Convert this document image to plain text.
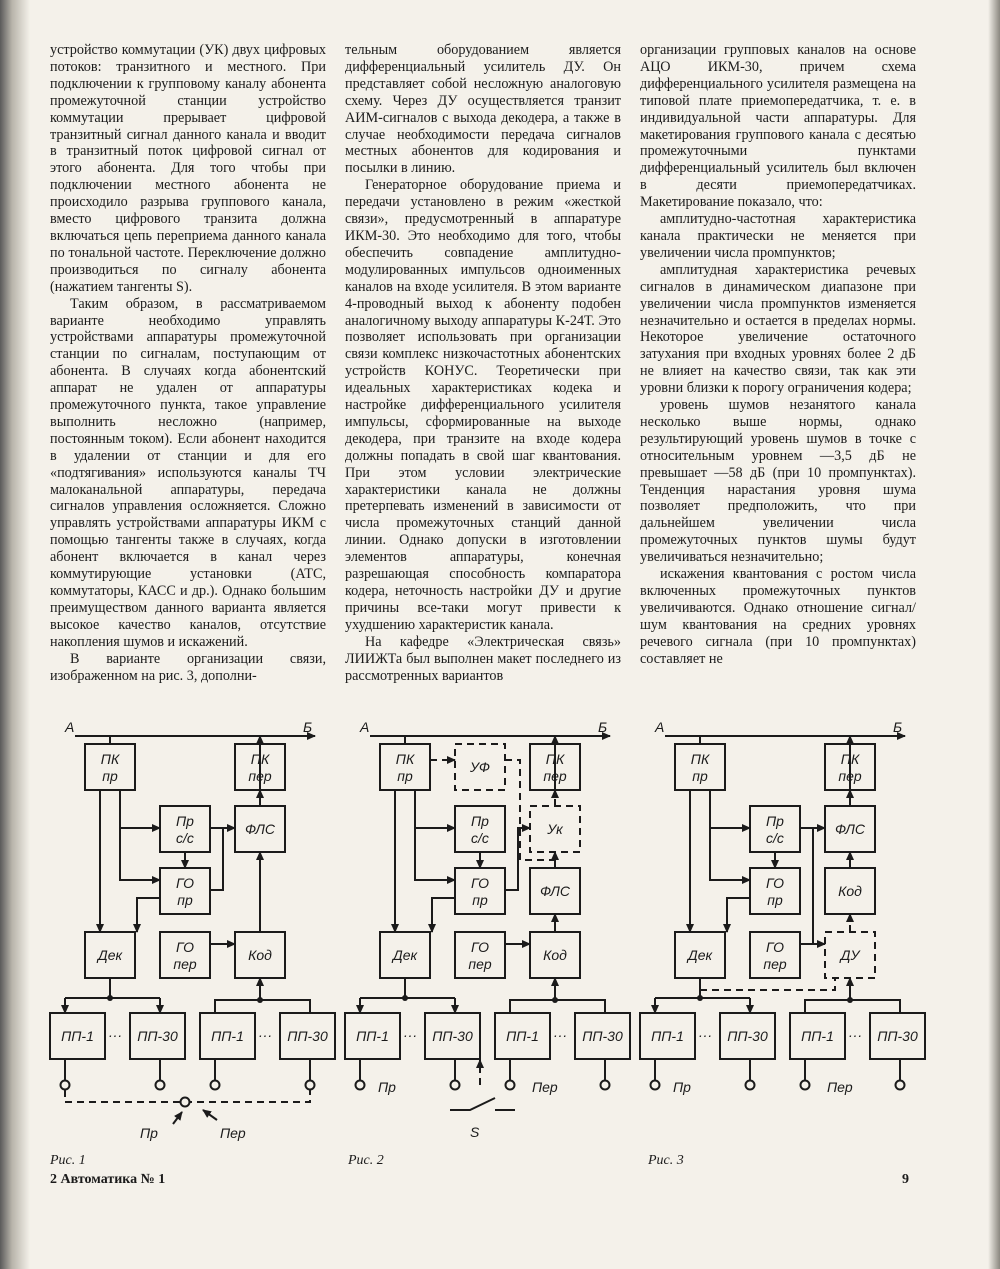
устройство коммутации (УК) двух цифровых потоков: транзитного и местного. При подключении к групповому каналу абонента промежуточной станции устройство коммутации прерывает цифровой транзитный сигнал данного канала и вводит в транзитный поток цифровой сигнал от этого абонента. Для того чтобы при подключении местного абонента не происходило разрыва группового канала, вместо цифрового транзита должна включаться цепь переприема данного канала по тональной частоте. Переключение должно производиться по сигналу абонента (нажатием тангенты S).

Таким образом, в рассматриваемом варианте необходимо управлять устройствами аппаратуры промежуточной станции по сигналам, поступающим от абонента. В случаях когда абонентский аппарат не удален от аппаратуры промежуточного пункта, такое управление выполнить несложно (например, постоянным током). Если абонент находится в удалении от станции и для его «подтягивания» используются каналы ТЧ малоканальной аппаратуры, передача сигналов управления осложняется. Сложно управлять устройствами аппаратуры ИКМ с помощью тангенты также в случаях, когда абонент включается в канал через коммутирующие установки (АТС, коммутаторы, КАСС и др.). Однако большим преимуществом данного варианта является высокое качество каналов, отсутствие накопления шумов и искажений.

В варианте организации связи, изображенном на рис. 3, дополни-

тельным оборудованием является дифференциальный усилитель ДУ. Он представляет собой несложную аналоговую схему. Через ДУ осуществляется транзит АИМ-сигналов с выхода декодера, а также в случае необходимости передача сигналов местных абонентов для кодирования и посылки в линию.

Генераторное оборудование приема и передачи установлено в режим «жесткой связи», предусмотренный в аппаратуре ИКМ-30. Это необходимо для того, чтобы обеспечить совпадение амплитудно-модулированных импульсов одноименных каналов на входе усилителя. В этом варианте 4-проводный выход к абоненту подобен аналогичному выходу аппаратуры К-24Т. Это позволяет использовать при организации связи комплекс низкочастотных абонентских устройств КОНУС. Теоретически при идеальных характеристиках кодека и настройке дифференциального усилителя импульсы, сформированные на выходе декодера, при транзите на входе кодера должны попадать в свой шаг квантования. При этом условии электрические характеристики канала не должны претерпевать изменений в зависимости от числа промежуточных станций данной линии. Однако допуски в изготовлении элементов аппаратуры, конечная разрешающая способность компаратора кодера, неточность настройки ДУ и другие причины все-таки могут привести к ухудшению характеристик канала.

На кафедре «Электрическая связь» ЛИИЖТа был выполнен макет последнего из рассмотренных вариантов

организации групповых каналов на основе АЦО ИКМ-30, причем схема дифференциального усилителя размещена на типовой плате приемопередатчика, т. е. в индивидуальной части аппаратуры. Для макетирования группового канала с десятью промежуточными пунктами дифференциальный усилитель был включен в десяти приемопередатчиках. Макетирование показало, что:

амплитудно-частотная характеристика канала практически не меняется при увеличении числа промпунктов;

амплитудная характеристика речевых сигналов в динамическом диапазоне при увеличении числа промпунктов изменяется незначительно и остается в пределах нормы. Некоторое увеличение остаточного затухания при входных уровнях более 2 дБ не влияет на качество связи, так как эти уровни близки к порогу ограничения кодера;

уровень шумов незанятого канала несколько выше нормы, однако результирующий уровень шумов в точке с относительным уровнем —3,5 дБ не превышает —58 дБ (при 10 промпунктах). Тенденция нарастания уровня шума позволяет предположить, что при дальнейшем увеличении числа промежуточных пунктов шумы будут увеличиваться незначительно;

искажения квантования с ростом числа включенных промежуточных пунктов увеличиваются. Однако отношение сигнал/шум квантования на средних уровнях речевого сигнала (при 10 промпунктах) составляет не

А	Б
ПК
пр
ПК
пер
Пр
с/с
ГО
пр
Дек	ГО
пер
ПП-1	ПП-30
···	ПП-1	ПП-30
···
ФЛС
Код
Пр	Пер
А	Б
ПК
пр
ПК
пер
Пр
с/с
ГО
пр
Дек	ГО
пер
ПП-1	ПП-30
···	ПП-1	ПП-30
···
УФ
Ук
ФЛС
Код
Пр	Пер
S
А	Б
ПК
пр
ПК
пер
Пр
с/с
ГО
пр
Дек	ГО
пер
ПП-1	ПП-30
···	ПП-1	ПП-30
···
ФЛС
Код
ДУ
Пр	Пер
Рис. 1	Рис. 2	Рис. 3
2 Автоматика № 1	9
